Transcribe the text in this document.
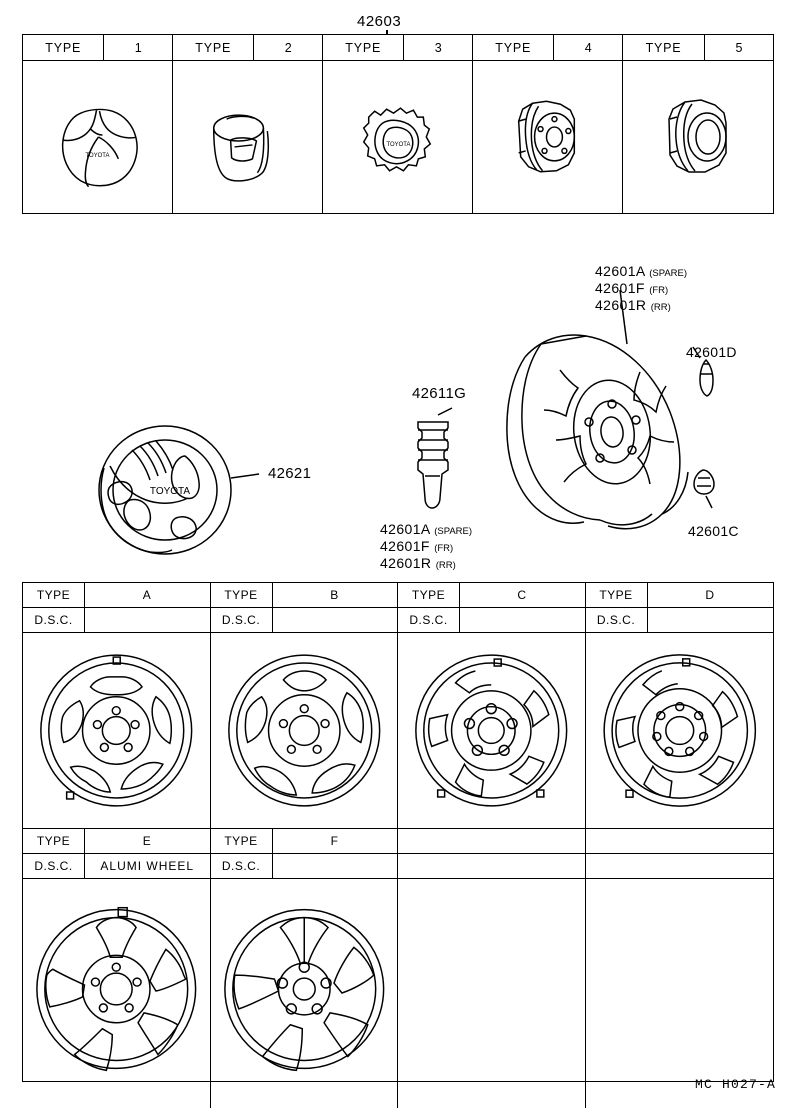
42603
TYPE	1	TYPE	2	TYPE	3	TYPE	4	TYPE	5
TOYOTA
TOYOTA
TOYOTA
42621
42611G
42601A (SPARE)
42601F (FR)
42601R (RR)
42601D
42601C
42601A (SPARE)
42601F (FR)
42601R (RR)
TYPE	A	TYPE	B	TYPE	C	TYPE	D
D.S.C.	D.S.C.	D.S.C.	D.S.C.
TYPE	E	TYPE	F
D.S.C.	ALUMI WHEEL	D.S.C.
MC H027-A
